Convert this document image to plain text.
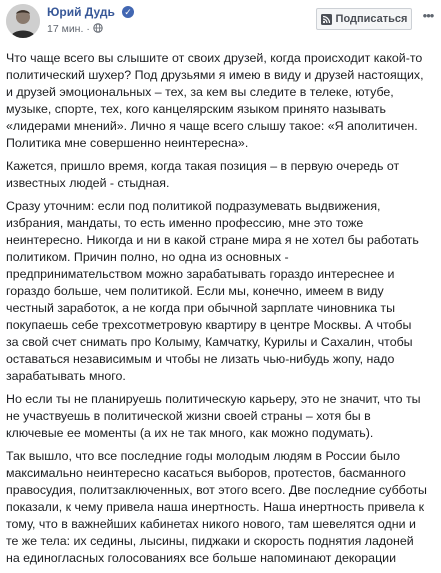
Юрий Дудь ✓
17 мин. ·
Подписаться •••

Что чаще всего вы слышите от своих друзей, когда происходит какой-то
политический шухер? Под друзьями я имею в виду и друзей настоящих,
и друзей эмоциональных – тех, за кем вы следите в телеке, ютубе,
музыке, спорте, тех, кого канцелярским языком принято называть
«лидерами мнений». Лично я чаще всего слышу такое: «Я аполитичен.
Политика мне совершенно неинтересна».

Кажется, пришло время, когда такая позиция – в первую очередь от
известных людей - стыдная.

Сразу уточним: если под политикой подразумевать выдвижения,
избрания, мандаты, то есть именно профессию, мне это тоже
неинтересно. Никогда и ни в какой стране мира я не хотел бы работать
политиком. Причин полно, но одна из основных -
предпринимательством можно зарабатывать гораздо интереснее и
гораздо больше, чем политикой. Если мы, конечно, имеем в виду
честный заработок, а не когда при обычной зарплате чиновника ты
покупаешь себе трехсотметровую квартиру в центре Москвы. А чтобы
за свой счет снимать про Колыму, Камчатку, Курилы и Сахалин, чтобы
оставаться независимым и чтобы не лизать чью-нибудь жопу, надо
зарабатывать много.

Но если ты не планируешь политическую карьеру, это не значит, что ты
не участвуешь в политической жизни своей страны – хотя бы в
ключевые ее моменты (а их не так много, как можно подумать).

Так вышло, что все последние годы молодым людям в России было
максимально неинтересно касаться выборов, протестов, басманного
правосудия, политзаключенных, вот этого всего. Две последние субботы
показали, к чему привела наша инертность. Наша инертность привела к
тому, что в важнейших кабинетах никого нового, там шевелятся одни и
те же тела: их седины, лысины, пиджаки и скорость поднятия ладоней
на единогласных голосованиях все больше напоминают декорации
